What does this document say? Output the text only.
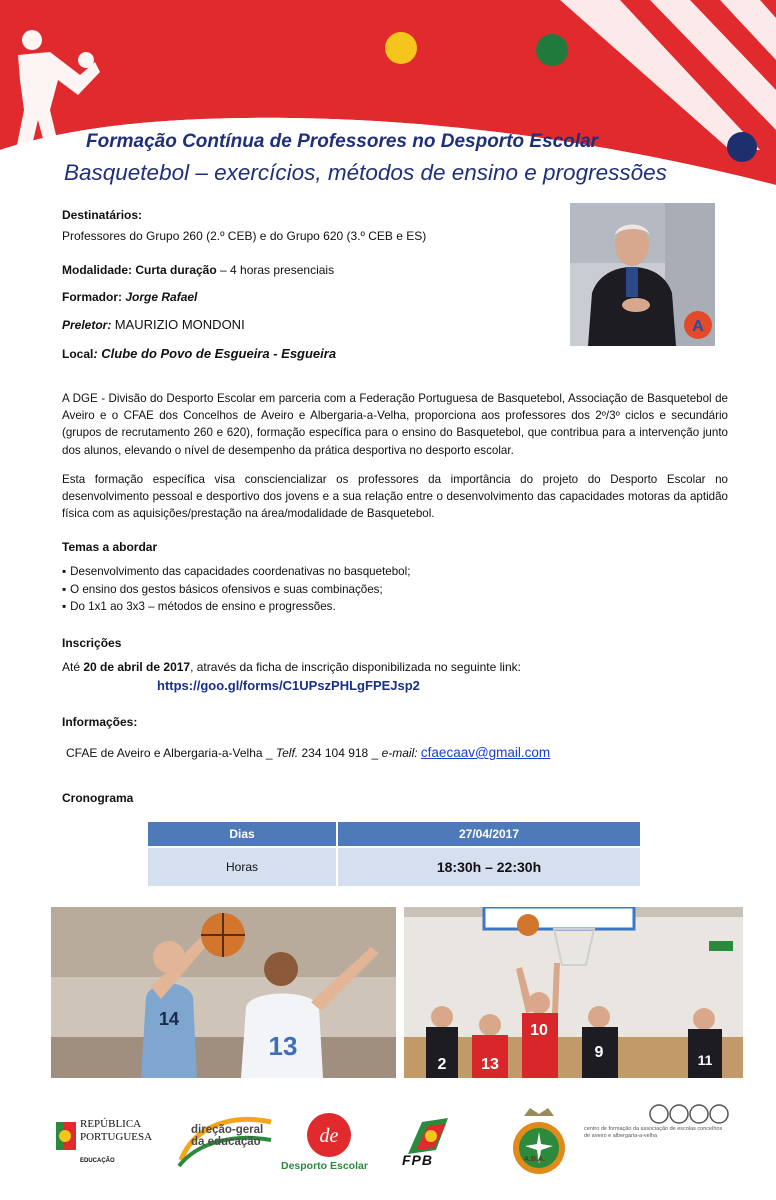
Formação Contínua de Professores no Desporto Escolar
Basquetebol – exercícios, métodos de ensino e progressões
Destinatários:
Professores do Grupo 260 (2.º CEB) e do Grupo 620 (3.º CEB e ES)
Modalidade: Curta duração – 4 horas presenciais
Formador: Jorge Rafael
Preletor: MAURIZIO MONDONI
Local: Clube do Povo de Esgueira - Esgueira
A
A DGE - Divisão do Desporto Escolar em parceria com a Federação Portuguesa de Basquetebol, Associação de Basquetebol de Aveiro e o CFAE dos Concelhos de Aveiro e Albergaria-a-Velha, proporciona aos professores dos 2º/3º ciclos e secundário (grupos de recrutamento 260 e 620), formação específica para o ensino do Basquetebol, que contribua para a intervenção junto dos alunos, elevando o nível de desempenho da prática desportiva no desporto escolar.
Esta formação específica visa consciencializar os professores da importância do projeto do Desporto Escolar no desenvolvimento pessoal e desportivo dos jovens e a sua relação entre o desenvolvimento das capacidades motoras da aptidão física com as aquisições/prestação na área/modalidade de Basquetebol.
Temas a abordar
▪ Desenvolvimento das capacidades coordenativas no basquetebol;
▪ O ensino dos gestos básicos ofensivos e suas combinações;
▪ Do 1x1 ao 3x3 – métodos de ensino e progressões.
Inscrições
Até 20 de abril de 2017, através da ficha de inscrição disponibilizada no seguinte link:
https://goo.gl/forms/C1UPszPHLgFPEJsp2
Informações:
CFAE de Aveiro e Albergaria-a-Velha _ Telf. 234 104 918 _ e-mail: cfaecaav@gmail.com
Cronograma
Dias	27/04/2017
Horas	18:30h – 22:30h
14
13
2 13
10
9	11
REPÚBLICA
PORTUGUESA
EDUCAÇÃO
direção-geral
da educação	de
Desporto Escolar FPB	A.B.A.
centro de formação da associação de escolas concelhos de aveiro e albergaria-a-velha
